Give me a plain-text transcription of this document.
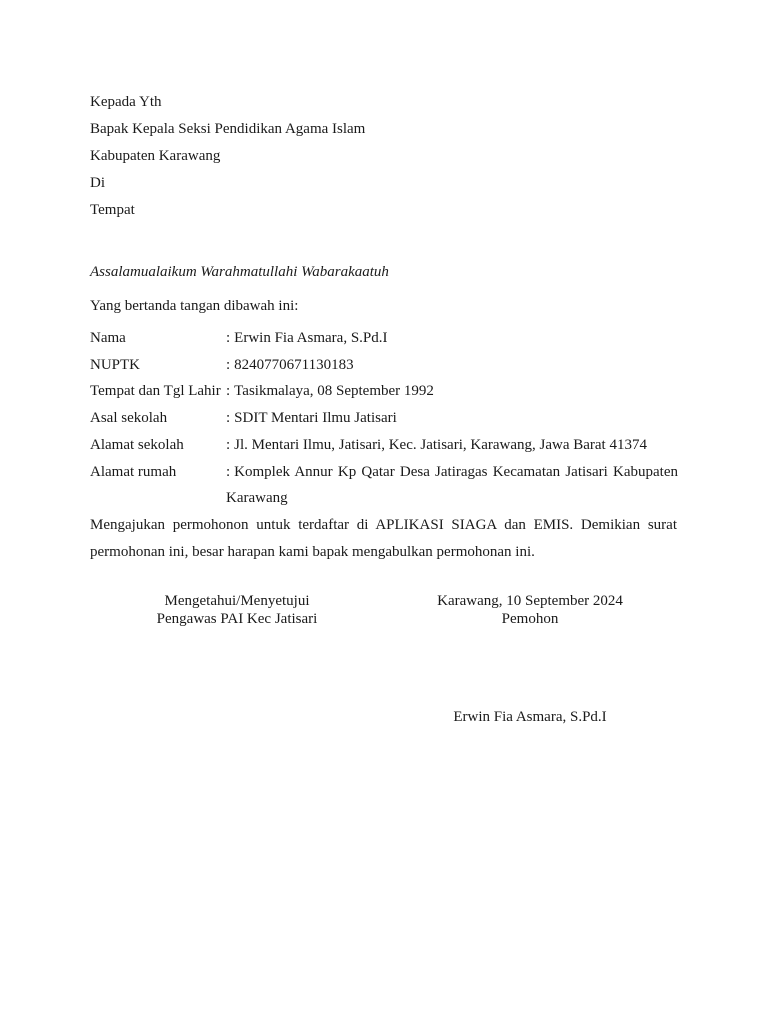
Kepada Yth
Bapak Kepala Seksi Pendidikan Agama Islam
Kabupaten Karawang
Di
Tempat
Assalamualaikum Warahmatullahi Wabarakaatuh
Yang bertanda tangan dibawah ini:
Nama	: Erwin Fia Asmara, S.Pd.I
NUPTK	: 8240770671130183
Tempat dan Tgl Lahir : Tasikmalaya, 08 September 1992
Asal sekolah	: SDIT Mentari Ilmu Jatisari
Alamat sekolah	: Jl. Mentari Ilmu, Jatisari, Kec. Jatisari, Karawang, Jawa Barat 41374
Alamat rumah	: Komplek Annur Kp Qatar Desa Jatiragas Kecamatan Jatisari Kabupaten Karawang
Mengajukan permohonon untuk terdaftar di APLIKASI SIAGA dan EMIS. Demikian surat permohonan ini, besar harapan kami bapak mengabulkan permohonan ini.
Mengetahui/Menyetujui
Pengawas PAI Kec Jatisari
Karawang, 10 September 2024
Pemohon
Erwin Fia Asmara, S.Pd.I
